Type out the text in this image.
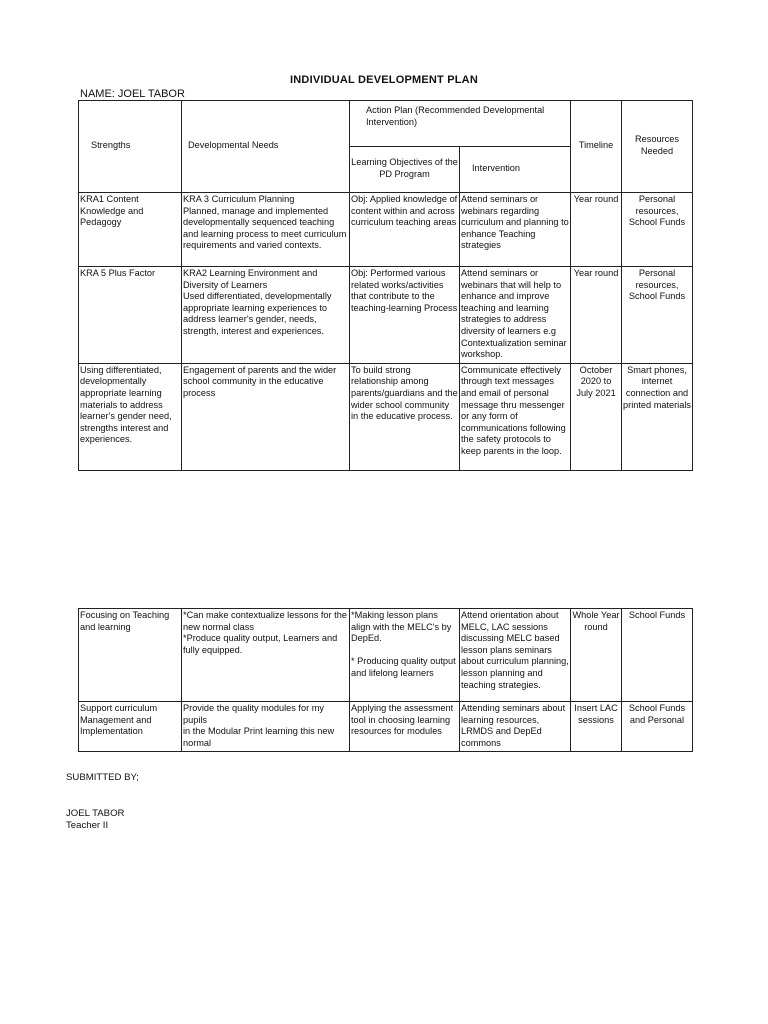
INDIVIDUAL DEVELOPMENT PLAN
NAME: JOEL TABOR
Strengths	Developmental Needs	Action Plan (Recommended Developmental Intervention)		Timeline	Resources Needed
		Learning Objectives of the PD Program	Intervention		
KRA1 Content
Knowledge and
Pedagogy	KRA 3 Curriculum Planning
Planned, manage and implemented developmentally sequenced teaching and learning process to meet curriculum requirements and varied contexts.	Obj: Applied knowledge of content within and across curriculum teaching areas	Attend seminars or webinars regarding curriculum and planning to enhance Teaching strategies	Year round	Personal resources, School Funds
KRA 5 Plus Factor	KRA2 Learning Environment and Diversity of Learners
Used differentiated, developmentally appropriate learning experiences to address learner's gender, needs, strength, interest and experiences.	Obj: Performed various related works/activities that contribute to the teaching-learning Process	Attend seminars or webinars that will help to enhance and improve teaching and learning strategies to address diversity of learners e.g Contextualization seminar workshop.	Year round	Personal resources, School Funds
Using differentiated, developmentally appropriate learning materials to address learner's gender need, strengths interest and experiences.	Engagement of parents and the wider school community in the educative process	To build strong relationship among parents/guardians and the wider school community in the educative process.	Communicate effectively through text messages and email of personal message thru messenger or any form of communications following the safety protocols to keep parents in the loop.	October 2020 to July 2021	Smart phones, internet connection and printed materials
Focusing on Teaching and learning	*Can make contextualize lessons for the new normal class
*Produce quality output, Learners and fully equipped.	*Making lesson plans align with the MELC's by DepEd.

* Producing quality output and lifelong learners	Attend orientation about MELC, LAC sessions discussing MELC based lesson plans seminars about curriculum planning, lesson planning and teaching strategies.	Whole Year round	School Funds
Support curriculum Management and Implementation	Provide the quality modules for my pupils
in the Modular Print learning this new normal	Applying the assessment tool in choosing learning resources for modules	Attending seminars about learning resources, LRMDS and DepEd commons	Insert LAC sessions	School Funds and Personal
SUBMITTED BY;
JOEL TABOR
Teacher II
